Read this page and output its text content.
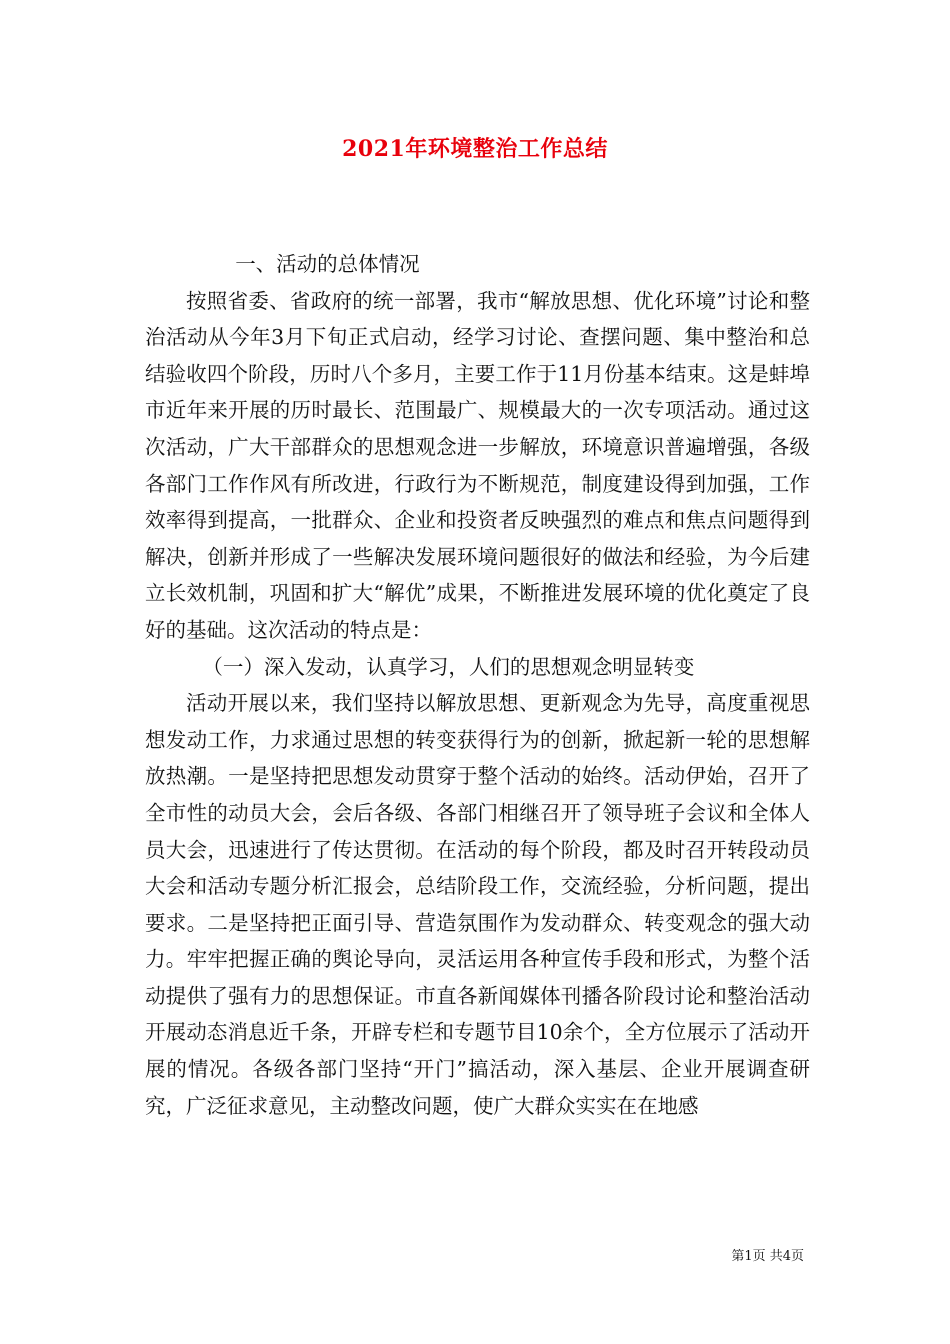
2021年环境整治工作总结

一、活动的总体情况

按照省委、省政府的统一部署，我市“解放思想、优化环境”讨论和整治活动从今年3月下旬正式启动，经学习讨论、查摆问题、集中整治和总结验收四个阶段，历时八个多月，主要工作于11月份基本结束。这是蚌埠市近年来开展的历时最长、范围最广、规模最大的一次专项活动。通过这次活动，广大干部群众的思想观念进一步解放，环境意识普遍增强，各级各部门工作作风有所改进，行政行为不断规范，制度建设得到加强，工作效率得到提高，一批群众、企业和投资者反映强烈的难点和焦点问题得到解决，创新并形成了一些解决发展环境问题很好的做法和经验，为今后建立长效机制，巩固和扩大“解优”成果，不断推进发展环境的优化奠定了良好的基础。这次活动的特点是：

（一）深入发动，认真学习，人们的思想观念明显转变

活动开展以来，我们坚持以解放思想、更新观念为先导，高度重视思想发动工作，力求通过思想的转变获得行为的创新，掀起新一轮的思想解放热潮。一是坚持把思想发动贯穿于整个活动的始终。活动伊始，召开了全市性的动员大会，会后各级、各部门相继召开了领导班子会议和全体人员大会，迅速进行了传达贯彻。在活动的每个阶段，都及时召开转段动员大会和活动专题分析汇报会，总结阶段工作，交流经验，分析问题，提出要求。二是坚持把正面引导、营造氛围作为发动群众、转变观念的强大动力。牢牢把握正确的舆论导向，灵活运用各种宣传手段和形式，为整个活动提供了强有力的思想保证。市直各新闻媒体刊播各阶段讨论和整治活动开展动态消息近千条，开辟专栏和专题节目10余个，全方位展示了活动开展的情况。各级各部门坚持“开门”搞活动，深入基层、企业开展调查研究，广泛征求意见，主动整改问题，使广大群众实实在在地感

第1页 共4页
